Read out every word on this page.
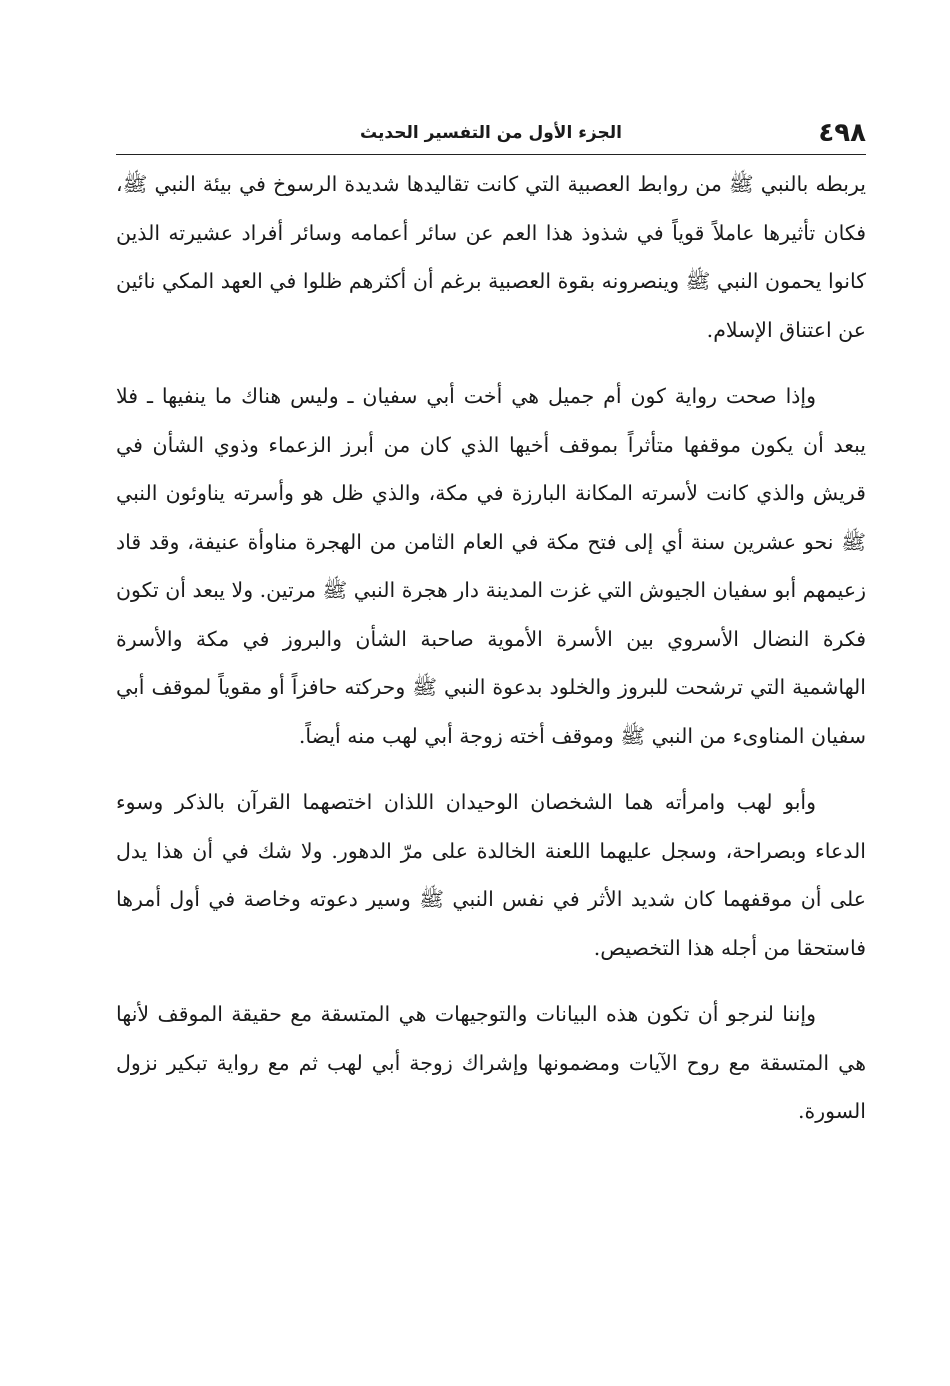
٤٩٨
الجزء الأول من التفسير الحديث

يربطه بالنبي ﷺ من روابط العصبية التي كانت تقاليدها شديدة الرسوخ في بيئة النبي ﷺ، فكان تأثيرها عاملاً قوياً في شذوذ هذا العم عن سائر أعمامه وسائر أفراد عشيرته الذين كانوا يحمون النبي ﷺ وينصرونه بقوة العصبية برغم أن أكثرهم ظلوا في العهد المكي نائين عن اعتناق الإسلام.

وإذا صحت رواية كون أم جميل هي أخت أبي سفيان ـ وليس هناك ما ينفيها ـ فلا يبعد أن يكون موقفها متأثراً بموقف أخيها الذي كان من أبرز الزعماء وذوي الشأن في قريش والذي كانت لأسرته المكانة البارزة في مكة، والذي ظل هو وأسرته يناوئون النبي ﷺ نحو عشرين سنة أي إلى فتح مكة في العام الثامن من الهجرة مناوأة عنيفة، وقد قاد زعيمهم أبو سفيان الجيوش التي غزت المدينة دار هجرة النبي ﷺ مرتين. ولا يبعد أن تكون فكرة النضال الأسروي بين الأسرة الأموية صاحبة الشأن والبروز في مكة والأسرة الهاشمية التي ترشحت للبروز والخلود بدعوة النبي ﷺ وحركته حافزاً أو مقوياً لموقف أبي سفيان المناوىء من النبي ﷺ وموقف أخته زوجة أبي لهب منه أيضاً.

وأبو لهب وامرأته هما الشخصان الوحيدان اللذان اختصهما القرآن بالذكر وسوء الدعاء وبصراحة، وسجل عليهما اللعنة الخالدة على مرّ الدهور. ولا شك في أن هذا يدل على أن موقفهما كان شديد الأثر في نفس النبي ﷺ وسير دعوته وخاصة في أول أمرها فاستحقا من أجله هذا التخصيص.

وإننا لنرجو أن تكون هذه البيانات والتوجيهات هي المتسقة مع حقيقة الموقف لأنها هي المتسقة مع روح الآيات ومضمونها وإشراك زوجة أبي لهب ثم مع رواية تبكير نزول السورة.
